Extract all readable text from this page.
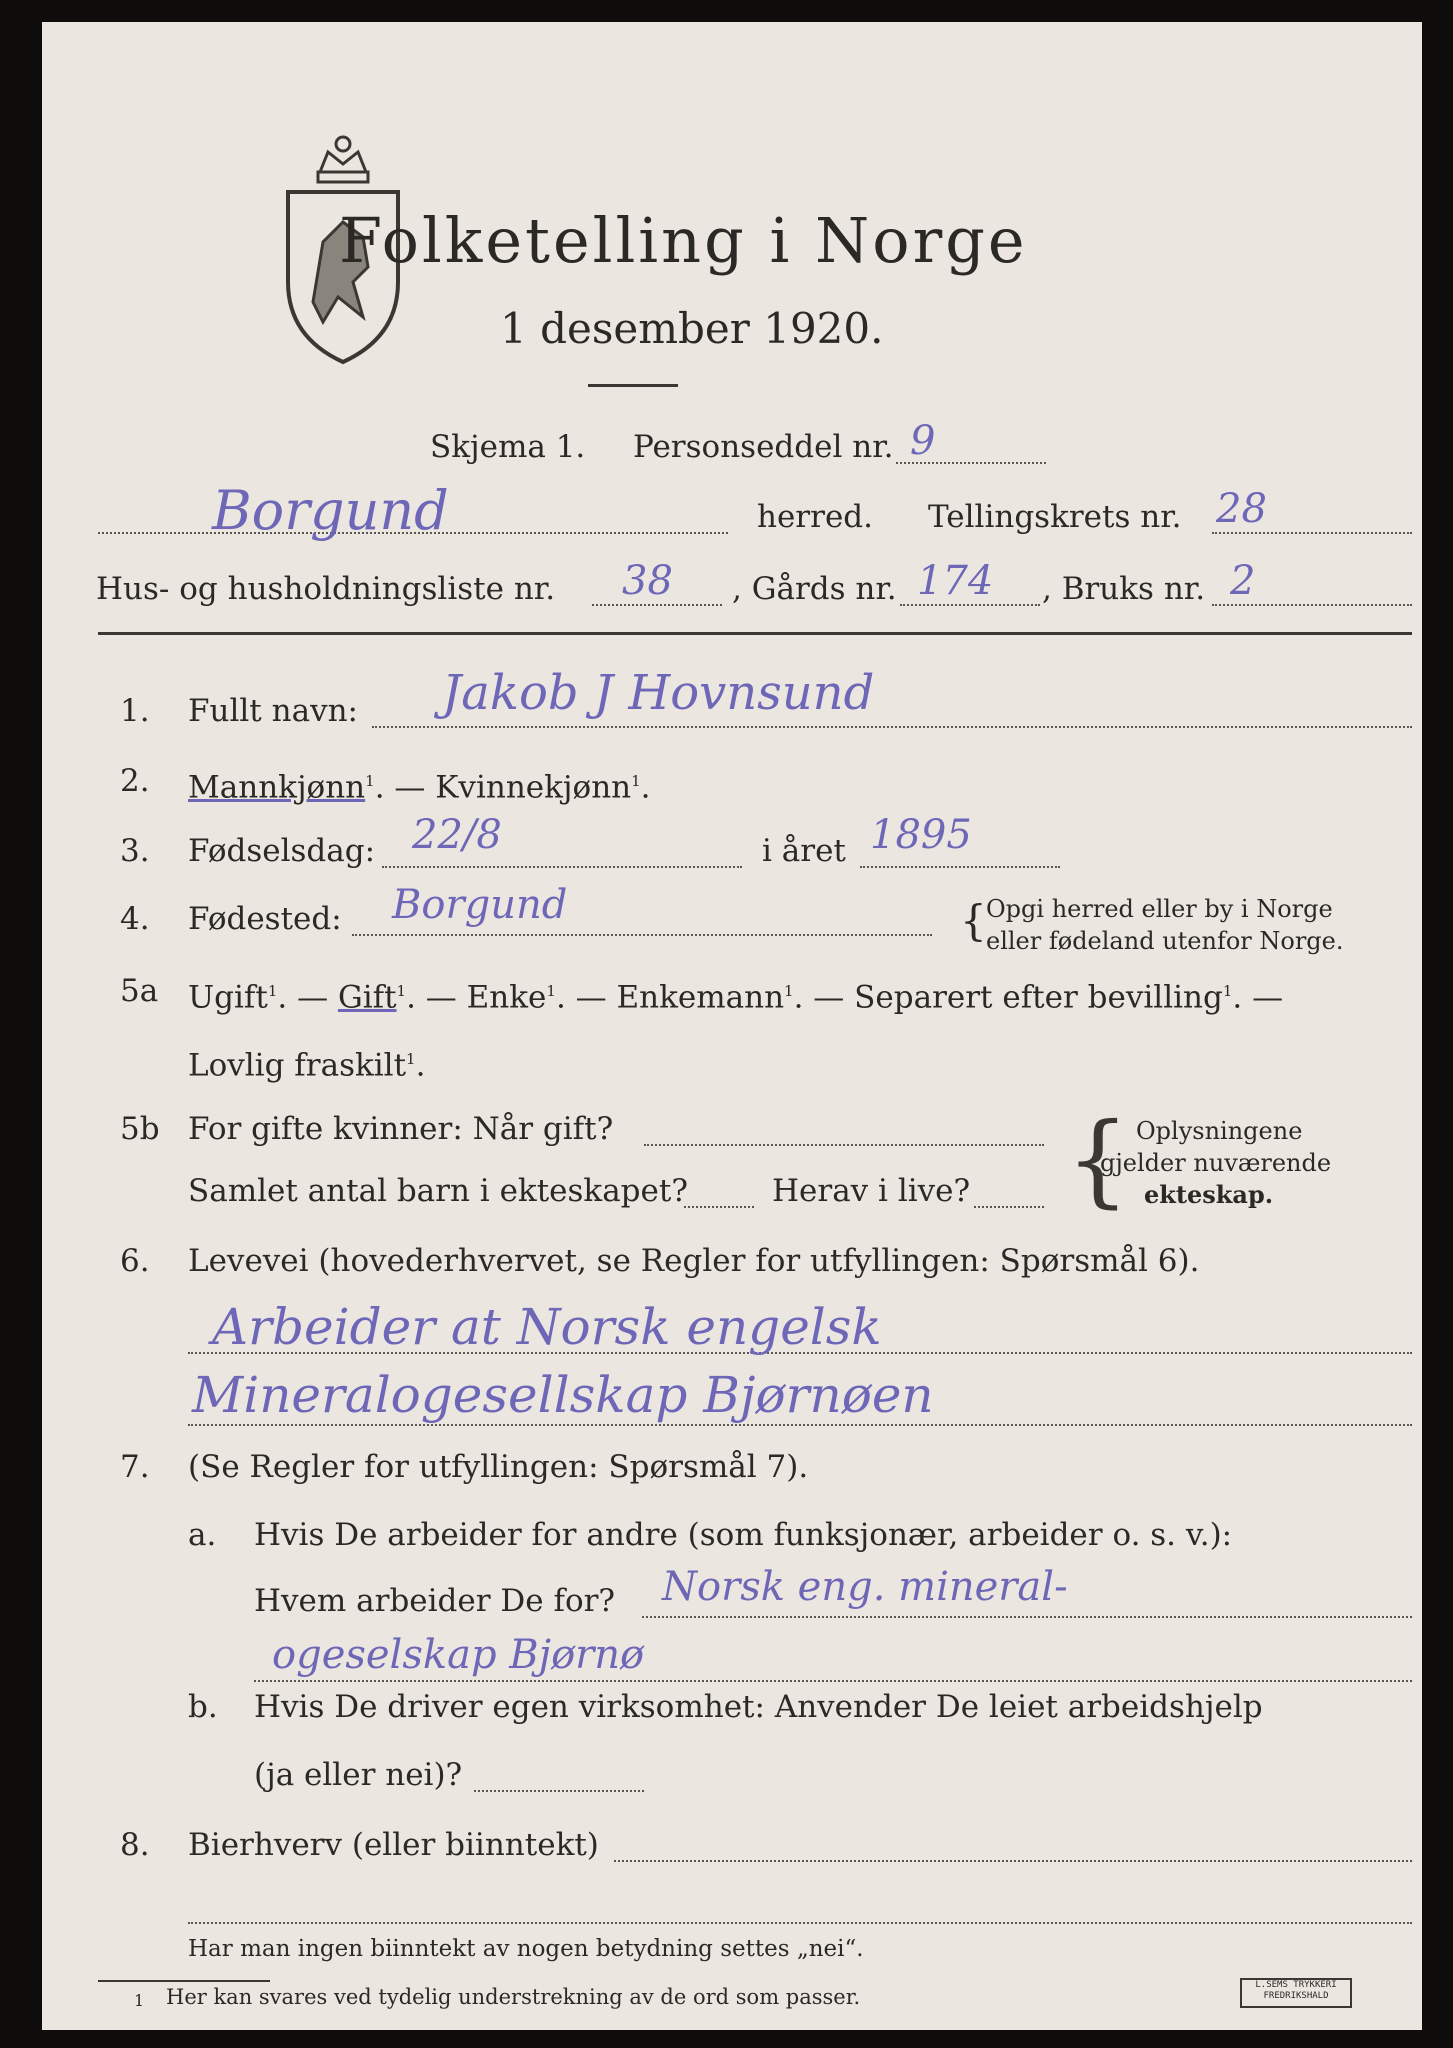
Folketelling i Norge
1 desember 1920.
Skjema 1. Personseddel nr. 9
Borgund	herred. Tellingskrets nr. 28
Hus- og husholdningsliste nr. 38 , Gårds nr. 174 , Bruks nr. 2
1. Fullt navn: Jakob J Hovnsund
2. Mannkjønn$^1$. — Kvinnekjønn$^1$.
3. Fødselsdag: 22/8	i året 1895
4. Fødested: Borgund	{ Opgi herred eller by i Norge
eller fødeland utenfor Norge.
5a Ugift$^1$. — Gift$^1$. — Enke$^1$. — Enkemann$^1$. — Separert efter bevilling$^1$. —
Lovlig fraskilt$^1$.
5b For gifte kvinner: Når gift?
Samlet antal barn i ekteskapet?	Herav i live? { Oplysningene
gjelder nuværende
ekteskap.
6. Levevei (hovederhvervet, se Regler for utfyllingen: Spørsmål 6).
Arbeider at Norsk engelsk
Mineralogesellskap Bjørnøen
7. (Se Regler for utfyllingen: Spørsmål 7).
a. Hvis De arbeider for andre (som funksjonær, arbeider o. s. v.):
Hvem arbeider De for? Norsk eng. mineral-
ogeselskap Bjørnø
b. Hvis De driver egen virksomhet: Anvender De leiet arbeidshjelp
(ja eller nei)?
8. Bierhverv (eller biinntekt)
Har man ingen biinntekt av nogen betydning settes „nei“.
1 Her kan svares ved tydelig understrekning av de ord som passer.	L.SEMS TRYKKERI FREDRIKSHALD
